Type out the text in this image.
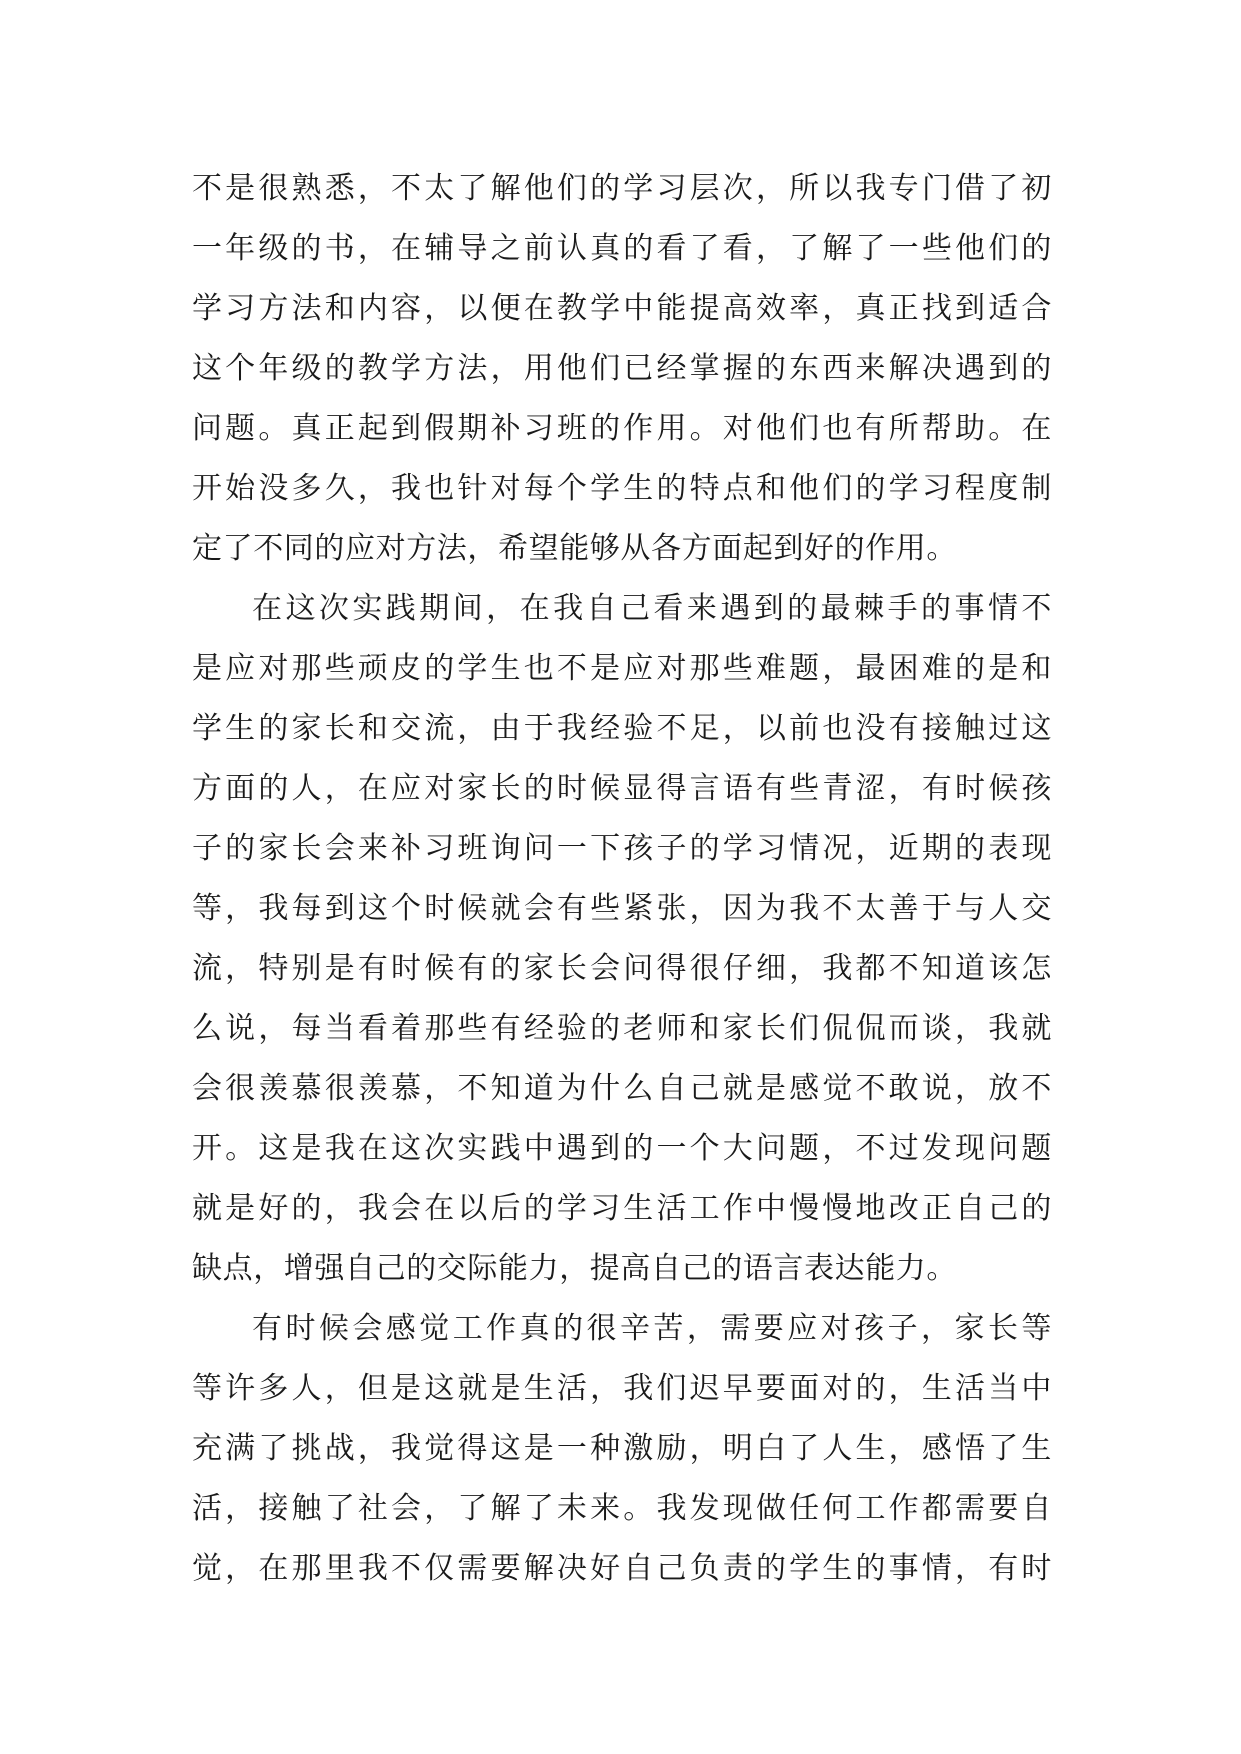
不是很熟悉，不太了解他们的学习层次，所以我专门借了初
一年级的书，在辅导之前认真的看了看，了解了一些他们的
学习方法和内容，以便在教学中能提高效率，真正找到适合
这个年级的教学方法，用他们已经掌握的东西来解决遇到的
问题。真正起到假期补习班的作用。对他们也有所帮助。在
开始没多久，我也针对每个学生的特点和他们的学习程度制
定了不同的应对方法，希望能够从各方面起到好的作用。
在这次实践期间，在我自己看来遇到的最棘手的事情不
是应对那些顽皮的学生也不是应对那些难题，最困难的是和
学生的家长和交流，由于我经验不足，以前也没有接触过这
方面的人，在应对家长的时候显得言语有些青涩，有时候孩
子的家长会来补习班询问一下孩子的学习情况，近期的表现
等，我每到这个时候就会有些紧张，因为我不太善于与人交
流，特别是有时候有的家长会问得很仔细，我都不知道该怎
么说，每当看着那些有经验的老师和家长们侃侃而谈，我就
会很羡慕很羡慕，不知道为什么自己就是感觉不敢说，放不
开。这是我在这次实践中遇到的一个大问题，不过发现问题
就是好的，我会在以后的学习生活工作中慢慢地改正自己的
缺点，增强自己的交际能力，提高自己的语言表达能力。
有时候会感觉工作真的很辛苦，需要应对孩子，家长等
等许多人，但是这就是生活，我们迟早要面对的，生活当中
充满了挑战，我觉得这是一种激励，明白了人生，感悟了生
活，接触了社会，了解了未来。我发现做任何工作都需要自
觉，在那里我不仅需要解决好自己负责的学生的事情，有时
